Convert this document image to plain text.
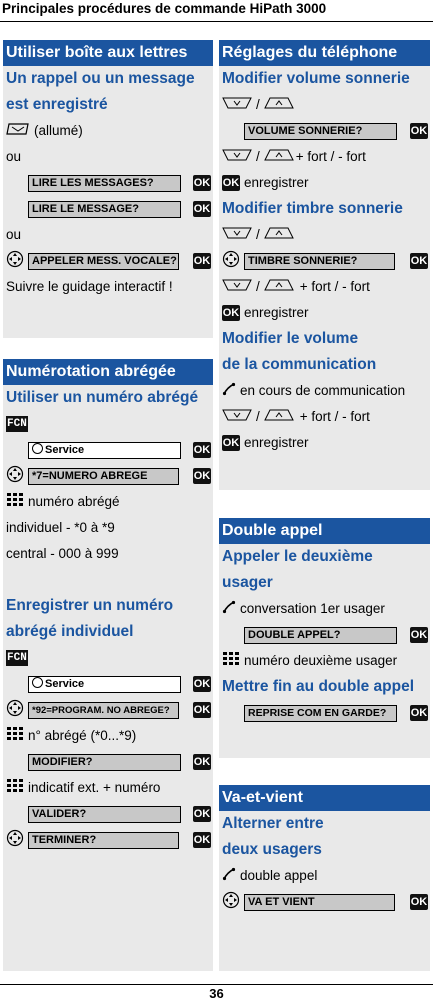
Principales procédures de commande HiPath 3000
Utiliser boîte aux lettres
Un rappel ou un message est enregistré
(allumé)
ou
LIRE LES MESSAGES?	OK
LIRE LE MESSAGE?	OK
ou
APPELER MESS. VOCALE? OK
Suivre le guidage interactif !
Numérotation abrégée
Utiliser un numéro abrégé
FCN
Service	OK
*7=NUMERO ABREGE	OK
numéro abrégé
individuel - *0 à *9
central - 000 à 999
Enregistrer un numéro abrégé individuel
FCN
Service	OK
*92=PROGRAM. NO ABREGE?	OK
n° abrégé (*0...*9)
MODIFIER?	OK
indicatif ext. + numéro
VALIDER?	OK
TERMINER?	OK
Réglages du téléphone
Modifier volume sonnerie
/
VOLUME SONNERIE?	OK
/	+ fort / - fort
OK enregistrer
Modifier timbre sonnerie
/
TIMBRE SONNERIE?	OK
/	+ fort / - fort
OK enregistrer
Modifier le volume
de la communication
en cours de communication
/	+ fort / - fort
OK enregistrer
Double appel
Appeler le deuxième
usager
conversation 1er usager
DOUBLE APPEL?	OK
numéro deuxième usager
Mettre fin au double appel
REPRISE COM EN GARDE?	OK
Va-et-vient
Alterner entre
deux usagers
double appel
VA ET VIENT	OK
36
